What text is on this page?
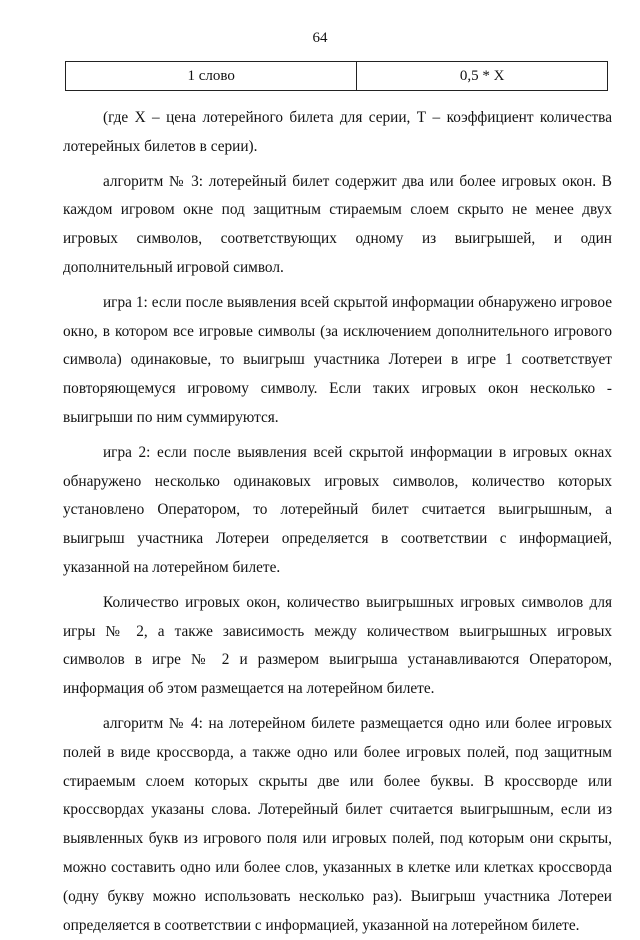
64
1 слово	0,5 * X

(где X – цена лотерейного билета для серии, Т – коэффициент количества лотерейных билетов в серии).

алгоритм № 3: лотерейный билет содержит два или более игровых окон. В каждом игровом окне под защитным стираемым слоем скрыто не менее двух игровых символов, соответствующих одному из выигрышей, и один дополнительный игровой символ.

игра 1: если после выявления всей скрытой информации обнаружено игровое окно, в котором все игровые символы (за исключением дополнительного игрового символа) одинаковые, то выигрыш участника Лотереи в игре 1 соответствует повторяющемуся игровому символу. Если таких игровых окон несколько - выигрыши по ним суммируются.

игра 2: если после выявления всей скрытой информации в игровых окнах обнаружено несколько одинаковых игровых символов, количество которых установлено Оператором, то лотерейный билет считается выигрышным, а выигрыш участника Лотереи определяется в соответствии с информацией, указанной на лотерейном билете.

Количество игровых окон, количество выигрышных игровых символов для игры № 2, а также зависимость между количеством выигрышных игровых символов в игре № 2 и размером выигрыша устанавливаются Оператором, информация об этом размещается на лотерейном билете.

алгоритм № 4: на лотерейном билете размещается одно или более игровых полей в виде кроссворда, а также одно или более игровых полей, под защитным стираемым слоем которых скрыты две или более буквы. В кроссворде или кроссвордах указаны слова. Лотерейный билет считается выигрышным, если из выявленных букв из игрового поля или игровых полей, под которым они скрыты, можно составить одно или более слов, указанных в клетке или клетках кроссворда (одну букву можно использовать несколько раз). Выигрыш участника Лотереи определяется в соответствии с информацией, указанной на лотерейном билете.
